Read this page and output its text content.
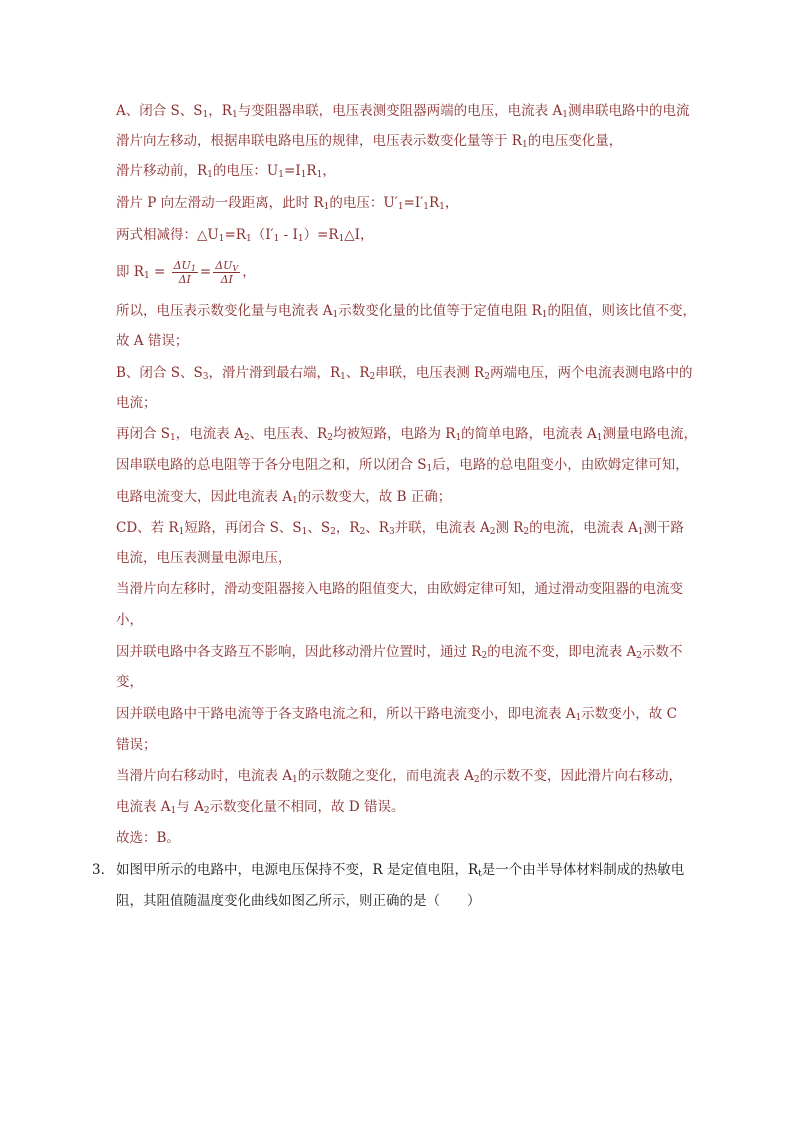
A、闭合 S、$S_1$，$R_1$与变阻器串联，电压表测变阻器两端的电压，电流表 $A_1$测串联电路中的电流
滑片向左移动，根据串联电路电压的规律，电压表示数变化量等于 $R_1$的电压变化量，
滑片移动前，$R_1$的电压：$U_1=I_1R_1$，
滑片 P 向左滑动一段距离，此时 $R_1$的电压：$U'_1=I'_1R_1$，
两式相减得：$\triangle U_1=R_1(I'_1$ - $I_1)=R_1\triangle I$，
即 $R_1 = \frac{\Delta U_1}{\Delta I} = \frac{\Delta U_V}{\Delta I}$ ，
所以，电压表示数变化量与电流表 $A_1$示数变化量的比值等于定值电阻 $R_1$的阻值，则该比值不变，
故 A 错误；
B、闭合 S、$S_3$，滑片滑到最右端，$R_1$、$R_2$串联，电压表测 $R_2$两端电压，两个电流表测电路中的
电流；
再闭合 $S_1$，电流表 $A_2$、电压表、$R_2$均被短路，电路为 $R_1$的简单电路，电流表 $A_1$测量电路电流，
因串联电路的总电阻等于各分电阻之和，所以闭合 $S_1$后，电路的总电阻变小，由欧姆定律可知，
电路电流变大，因此电流表 $A_1$的示数变大，故 B 正确；
CD、若 $R_1$短路，再闭合 S、$S_1$、$S_2$，$R_2$、$R_3$并联，电流表 $A_2$测 $R_2$的电流，电流表 $A_1$测干路
电流，电压表测量电源电压，
当滑片向左移时，滑动变阻器接入电路的阻值变大，由欧姆定律可知，通过滑动变阻器的电流变
小，
因并联电路中各支路互不影响，因此移动滑片位置时，通过 $R_2$的电流不变，即电流表 $A_2$示数不
变，
因并联电路中干路电流等于各支路电流之和，所以干路电流变小，即电流表 $A_1$示数变小，故 C
错误；
当滑片向右移动时，电流表 $A_1$的示数随之变化，而电流表 $A_2$的示数不变，因此滑片向右移动，
电流表 $A_1$与 $A_2$示数变化量不相同，故 D 错误。
故选：B。
3． 如图甲所示的电路中，电源电压保持不变，R 是定值电阻，$R_t$是一个由半导体材料制成的热敏电
阻，其阻值随温度变化曲线如图乙所示，则正确的是（　　）
